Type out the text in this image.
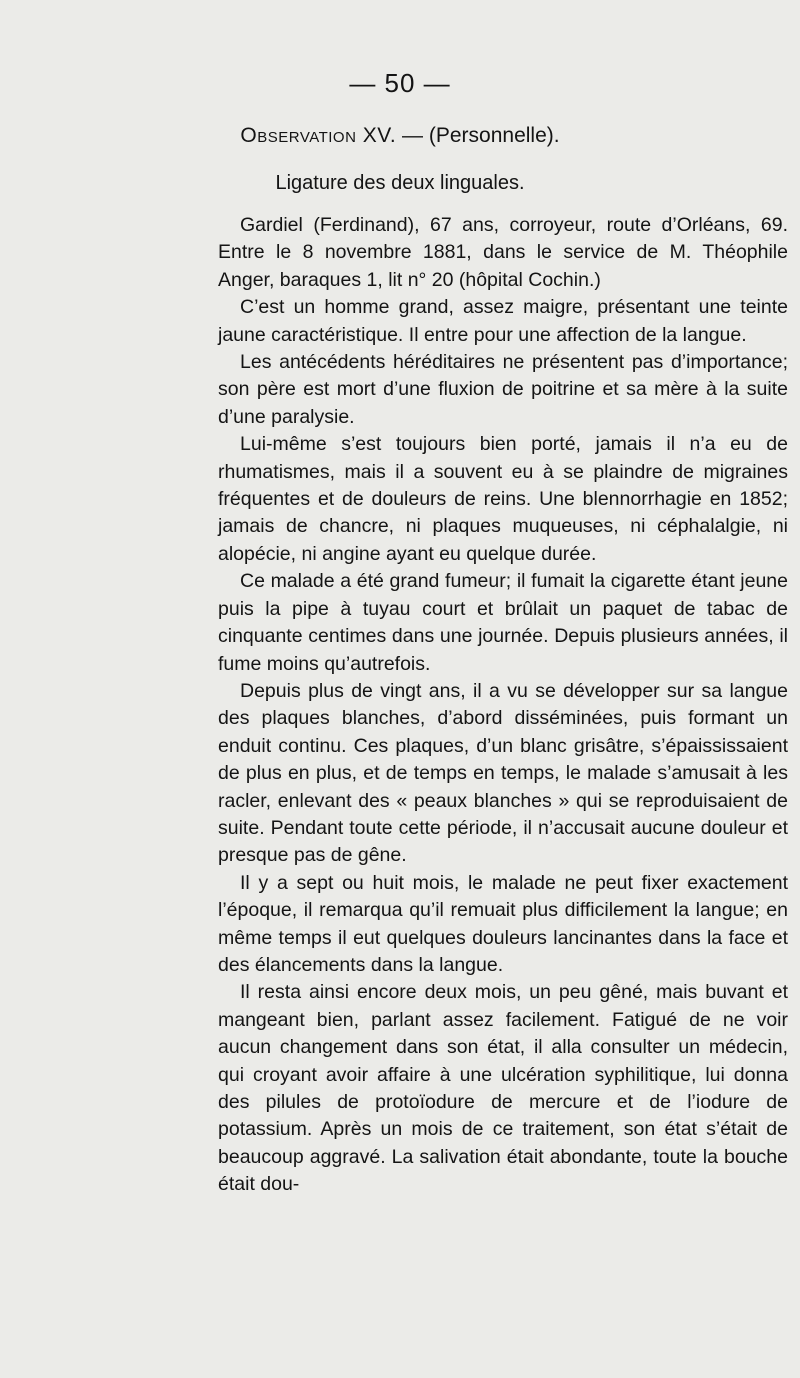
— 50 —
Observation XV. — (Personnelle).
Ligature des deux linguales.

Gardiel (Ferdinand), 67 ans, corroyeur, route d’Orléans, 69. Entre le 8 novembre 1881, dans le service de M. Théophile Anger, baraques 1, lit n° 20 (hôpital Cochin.)

C’est un homme grand, assez maigre, présentant une teinte jaune caractéristique. Il entre pour une affection de la langue.

Les antécédents héréditaires ne présentent pas d’importance; son père est mort d’une fluxion de poitrine et sa mère à la suite d’une paralysie.

Lui-même s’est toujours bien porté, jamais il n’a eu de rhumatismes, mais il a souvent eu à se plaindre de migraines fréquentes et de douleurs de reins. Une blennorrhagie en 1852; jamais de chancre, ni plaques muqueuses, ni céphalalgie, ni alopécie, ni angine ayant eu quelque durée.

Ce malade a été grand fumeur; il fumait la cigarette étant jeune puis la pipe à tuyau court et brûlait un paquet de tabac de cinquante centimes dans une journée. Depuis plusieurs années, il fume moins qu’autrefois.

Depuis plus de vingt ans, il a vu se développer sur sa langue des plaques blanches, d’abord disséminées, puis formant un enduit continu. Ces plaques, d’un blanc grisâtre, s’épaississaient de plus en plus, et de temps en temps, le malade s’amusait à les racler, enlevant des « peaux blanches » qui se reproduisaient de suite. Pendant toute cette période, il n’accusait aucune douleur et presque pas de gêne.

Il y a sept ou huit mois, le malade ne peut fixer exactement l’époque, il remarqua qu’il remuait plus difficilement la langue; en même temps il eut quelques douleurs lancinantes dans la face et des élancements dans la langue.

Il resta ainsi encore deux mois, un peu gêné, mais buvant et mangeant bien, parlant assez facilement. Fatigué de ne voir aucun changement dans son état, il alla consulter un médecin, qui croyant avoir affaire à une ulcération syphilitique, lui donna des pilules de protoïodure de mercure et de l’iodure de potassium. Après un mois de ce traitement, son état s’était de beaucoup aggravé. La salivation était abondante, toute la bouche était dou-
